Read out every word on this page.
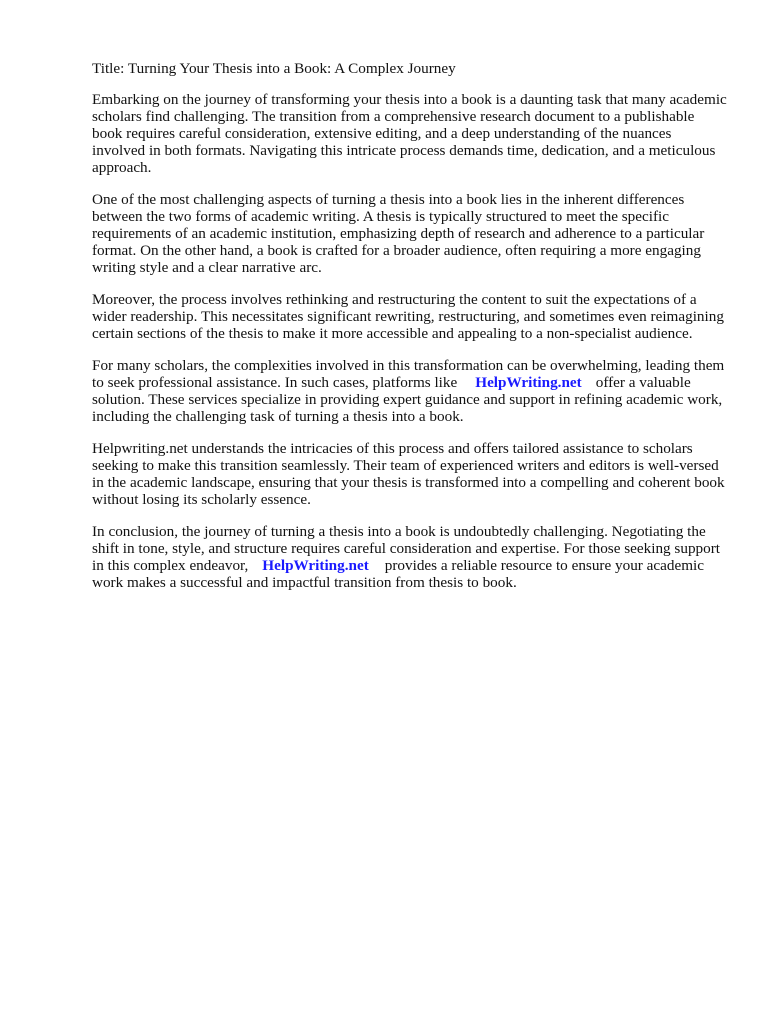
Title: Turning Your Thesis into a Book: A Complex Journey

Embarking on the journey of transforming your thesis into a book is a daunting task that many academic scholars find challenging. The transition from a comprehensive research document to a publishable book requires careful consideration, extensive editing, and a deep understanding of the nuances involved in both formats. Navigating this intricate process demands time, dedication, and a meticulous approach.

One of the most challenging aspects of turning a thesis into a book lies in the inherent differences between the two forms of academic writing. A thesis is typically structured to meet the specific requirements of an academic institution, emphasizing depth of research and adherence to a particular format. On the other hand, a book is crafted for a broader audience, often requiring a more engaging writing style and a clear narrative arc.

Moreover, the process involves rethinking and restructuring the content to suit the expectations of a wider readership. This necessitates significant rewriting, restructuring, and sometimes even reimagining certain sections of the thesis to make it more accessible and appealing to a non-specialist audience.

For many scholars, the complexities involved in this transformation can be overwhelming, leading them to seek professional assistance. In such cases, platforms like HelpWriting.net offer a valuable solution. These services specialize in providing expert guidance and support in refining academic work, including the challenging task of turning a thesis into a book.

Helpwriting.net understands the intricacies of this process and offers tailored assistance to scholars seeking to make this transition seamlessly. Their team of experienced writers and editors is well-versed in the academic landscape, ensuring that your thesis is transformed into a compelling and coherent book without losing its scholarly essence.

In conclusion, the journey of turning a thesis into a book is undoubtedly challenging. Negotiating the shift in tone, style, and structure requires careful consideration and expertise. For those seeking support in this complex endeavor, HelpWriting.net provides a reliable resource to ensure your academic work makes a successful and impactful transition from thesis to book.
